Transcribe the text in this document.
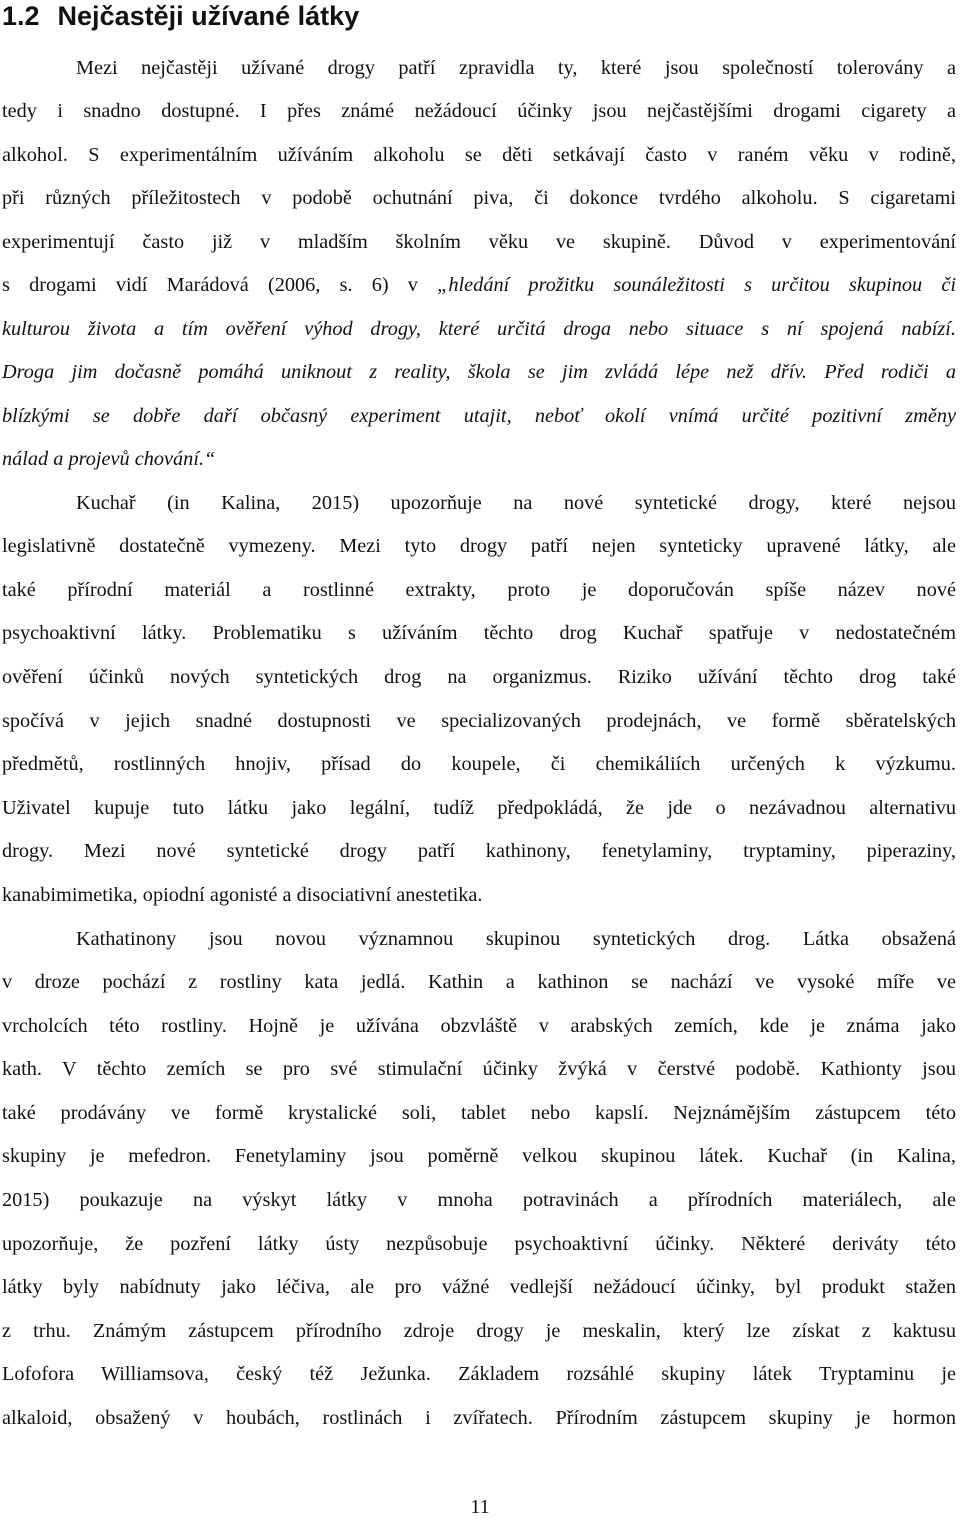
1.2 Nejčastěji užívané látky
Mezi nejčastěji užívané drogy patří zpravidla ty, které jsou společností tolerovány a
tedy i snadno dostupné. I přes známé nežádoucí účinky jsou nejčastějšími drogami cigarety a
alkohol. S experimentálním užíváním alkoholu se děti setkávají často v raném věku v rodině,
při různých příležitostech v podobě ochutnání piva, či dokonce tvrdého alkoholu. S cigaretami
experimentují často již v mladším školním věku ve skupině. Důvod v experimentování
s drogami vidí Marádová (2006, s. 6) v „hledání prožitku sounáležitosti s určitou skupinou či
kulturou života a tím ověření výhod drogy, které určitá droga nebo situace s ní spojená nabízí.
Droga jim dočasně pomáhá uniknout z reality, škola se jim zvládá lépe než dřív. Před rodiči a
blízkými se dobře daří občasný experiment utajit, neboť okolí vnímá určité pozitivní změny
nálad a projevů chování.“
Kuchař (in Kalina, 2015) upozorňuje na nové syntetické drogy, které nejsou
legislativně dostatečně vymezeny. Mezi tyto drogy patří nejen synteticky upravené látky, ale
také přírodní materiál a rostlinné extrakty, proto je doporučován spíše název nové
psychoaktivní látky. Problematiku s užíváním těchto drog Kuchař spatřuje v nedostatečném
ověření účinků nových syntetických drog na organizmus. Riziko užívání těchto drog také
spočívá v jejich snadné dostupnosti ve specializovaných prodejnách, ve formě sběratelských
předmětů, rostlinných hnojiv, přísad do koupele, či chemikáliích určených k výzkumu.
Uživatel kupuje tuto látku jako legální, tudíž předpokládá, že jde o nezávadnou alternativu
drogy. Mezi nové syntetické drogy patří kathinony, fenetylaminy, tryptaminy, piperaziny,
kanabimimetika, opiodní agonisté a disociativní anestetika.
Kathatinony jsou novou významnou skupinou syntetických drog. Látka obsažená
v droze pochází z rostliny kata jedlá. Kathin a kathinon se nachází ve vysoké míře ve
vrcholcích této rostliny. Hojně je užívána obzvláště v arabských zemích, kde je známa jako
kath. V těchto zemích se pro své stimulační účinky žvýká v čerstvé podobě. Kathionty jsou
také prodávány ve formě krystalické soli, tablet nebo kapslí. Nejznámějším zástupcem této
skupiny je mefedron. Fenetylaminy jsou poměrně velkou skupinou látek. Kuchař (in Kalina,
2015) poukazuje na výskyt látky v mnoha potravinách a přírodních materiálech, ale
upozorňuje, že pozření látky ústy nezpůsobuje psychoaktivní účinky. Některé deriváty této
látky byly nabídnuty jako léčiva, ale pro vážné vedlejší nežádoucí účinky, byl produkt stažen
z trhu. Známým zástupcem přírodního zdroje drogy je meskalin, který lze získat z kaktusu
Lofofora Williamsova, český též Ježunka. Základem rozsáhlé skupiny látek Tryptaminu je
alkaloid, obsažený v houbách, rostlinách i zvířatech. Přírodním zástupcem skupiny je hormon
11
